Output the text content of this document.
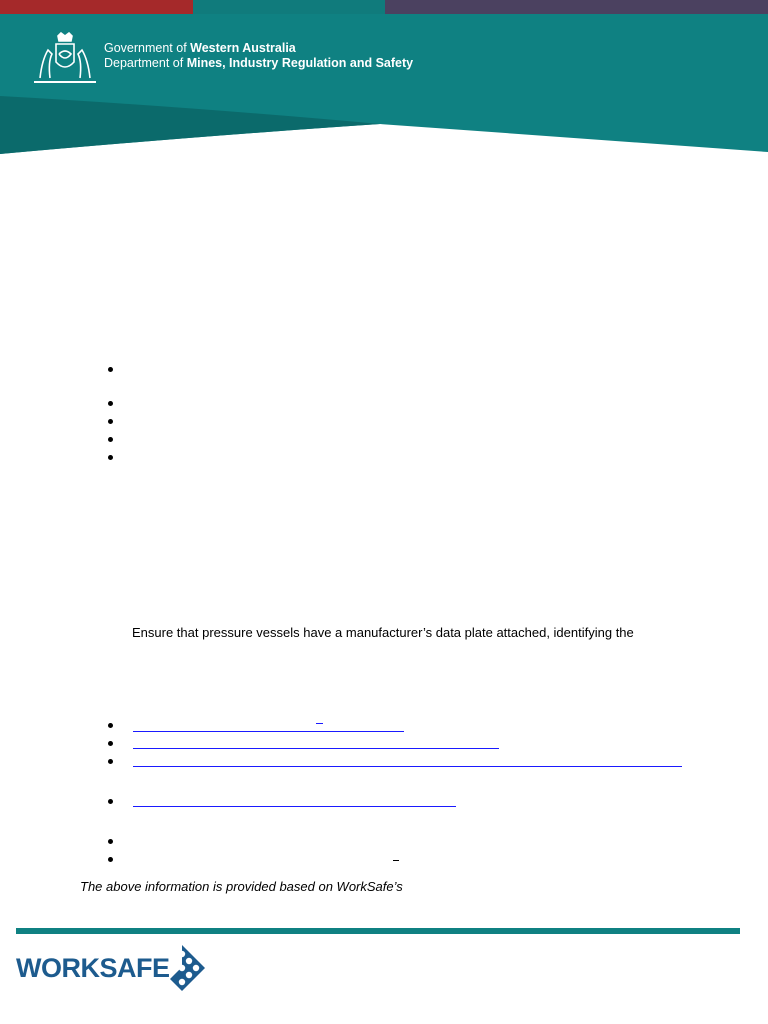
Government of Western Australia
Department of Mines, Industry Regulation and Safety
Ensure that pressure vessels have a manufacturer’s data plate attached, identifying the
The above information is provided based on WorkSafe’s
WORKSAFE
